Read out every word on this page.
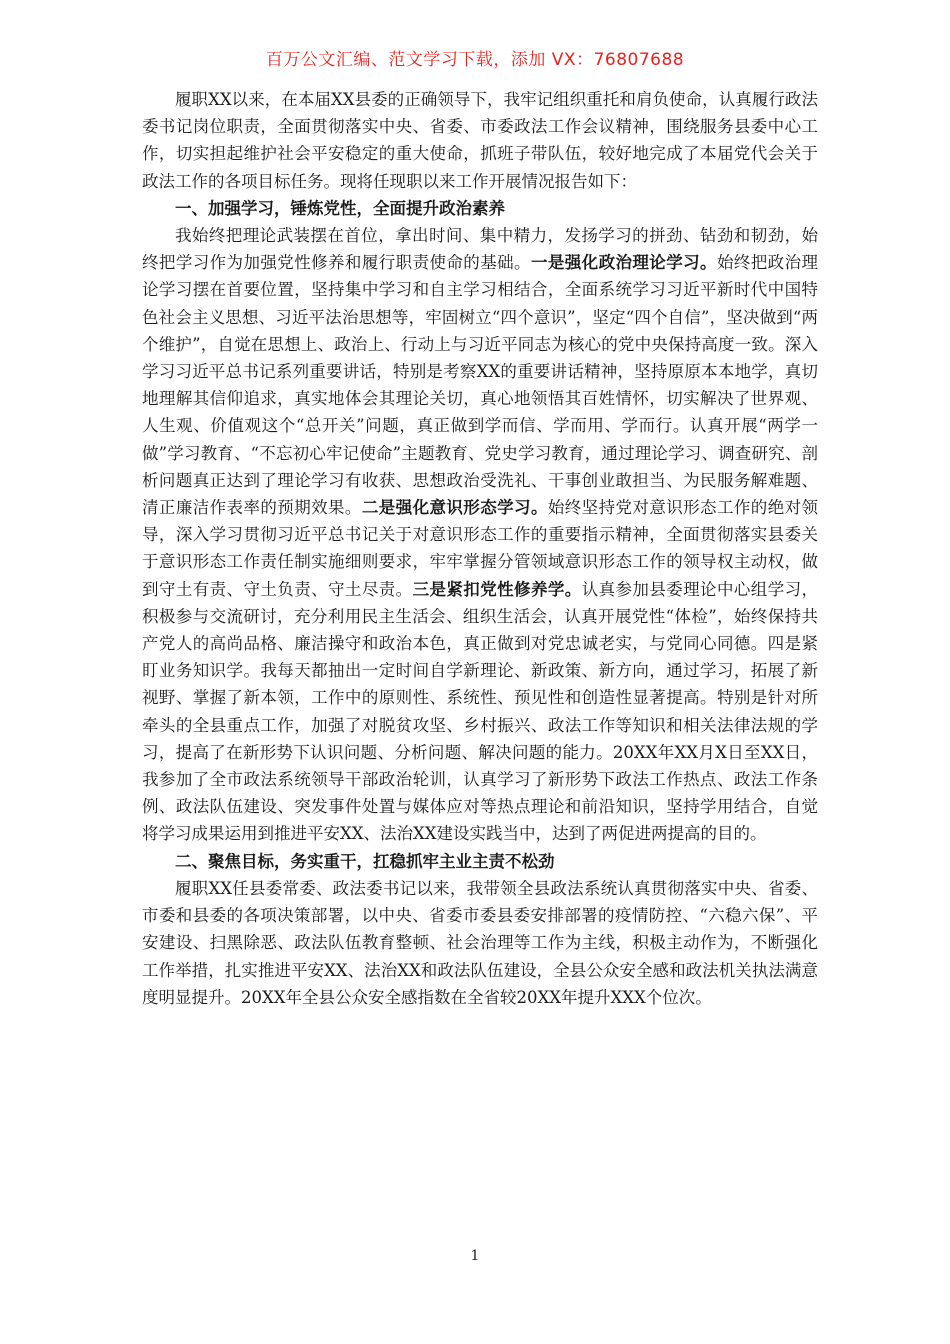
百万公文汇编、范文学习下载，添加 VX：76807688

履职XX以来，在本届XX县委的正确领导下，我牢记组织重托和肩负使命，认真履行政法委书记岗位职责，全面贯彻落实中央、省委、市委政法工作会议精神，围绕服务县委中心工作，切实担起维护社会平安稳定的重大使命，抓班子带队伍，较好地完成了本届党代会关于政法工作的各项目标任务。现将任现职以来工作开展情况报告如下：

一、加强学习，锤炼党性，全面提升政治素养

我始终把理论武装摆在首位，拿出时间、集中精力，发扬学习的拼劲、钻劲和韧劲，始终把学习作为加强党性修养和履行职责使命的基础。一是强化政治理论学习。始终把政治理论学习摆在首要位置，坚持集中学习和自主学习相结合，全面系统学习习近平新时代中国特色社会主义思想、习近平法治思想等，牢固树立“四个意识”，坚定“四个自信”，坚决做到“两个维护”，自觉在思想上、政治上、行动上与习近平同志为核心的党中央保持高度一致。深入学习习近平总书记系列重要讲话，特别是考察XX的重要讲话精神，坚持原原本本地学，真切地理解其信仰追求，真实地体会其理论关切，真心地领悟其百姓情怀，切实解决了世界观、人生观、价值观这个“总开关”问题，真正做到学而信、学而用、学而行。认真开展“两学一做”学习教育、“不忘初心牢记使命”主题教育、党史学习教育，通过理论学习、调查研究、剖析问题真正达到了理论学习有收获、思想政治受洗礼、干事创业敢担当、为民服务解难题、清正廉洁作表率的预期效果。二是强化意识形态学习。始终坚持党对意识形态工作的绝对领导，深入学习贯彻习近平总书记关于对意识形态工作的重要指示精神，全面贯彻落实县委关于意识形态工作责任制实施细则要求，牢牢掌握分管领域意识形态工作的领导权主动权，做到守土有责、守土负责、守土尽责。三是紧扣党性修养学。认真参加县委理论中心组学习，积极参与交流研讨，充分利用民主生活会、组织生活会，认真开展党性“体检”，始终保持共产党人的高尚品格、廉洁操守和政治本色，真正做到对党忠诚老实，与党同心同德。四是紧盯业务知识学。我每天都抽出一定时间自学新理论、新政策、新方向，通过学习，拓展了新视野、掌握了新本领，工作中的原则性、系统性、预见性和创造性显著提高。特别是针对所牵头的全县重点工作，加强了对脱贫攻坚、乡村振兴、政法工作等知识和相关法律法规的学习，提高了在新形势下认识问题、分析问题、解决问题的能力。20XX年XX月X日至XX日，我参加了全市政法系统领导干部政治轮训，认真学习了新形势下政法工作热点、政法工作条例、政法队伍建设、突发事件处置与媒体应对等热点理论和前沿知识，坚持学用结合，自觉将学习成果运用到推进平安XX、法治XX建设实践当中，达到了两促进两提高的目的。

二、聚焦目标，务实重干，扛稳抓牢主业主责不松劲

履职XX任县委常委、政法委书记以来，我带领全县政法系统认真贯彻落实中央、省委、市委和县委的各项决策部署，以中央、省委市委县委安排部署的疫情防控、“六稳六保”、平安建设、扫黑除恶、政法队伍教育整顿、社会治理等工作为主线，积极主动作为，不断强化工作举措，扎实推进平安XX、法治XX和政法队伍建设，全县公众安全感和政法机关执法满意度明显提升。20XX年全县公众安全感指数在全省较20XX年提升XXX个位次。

1
